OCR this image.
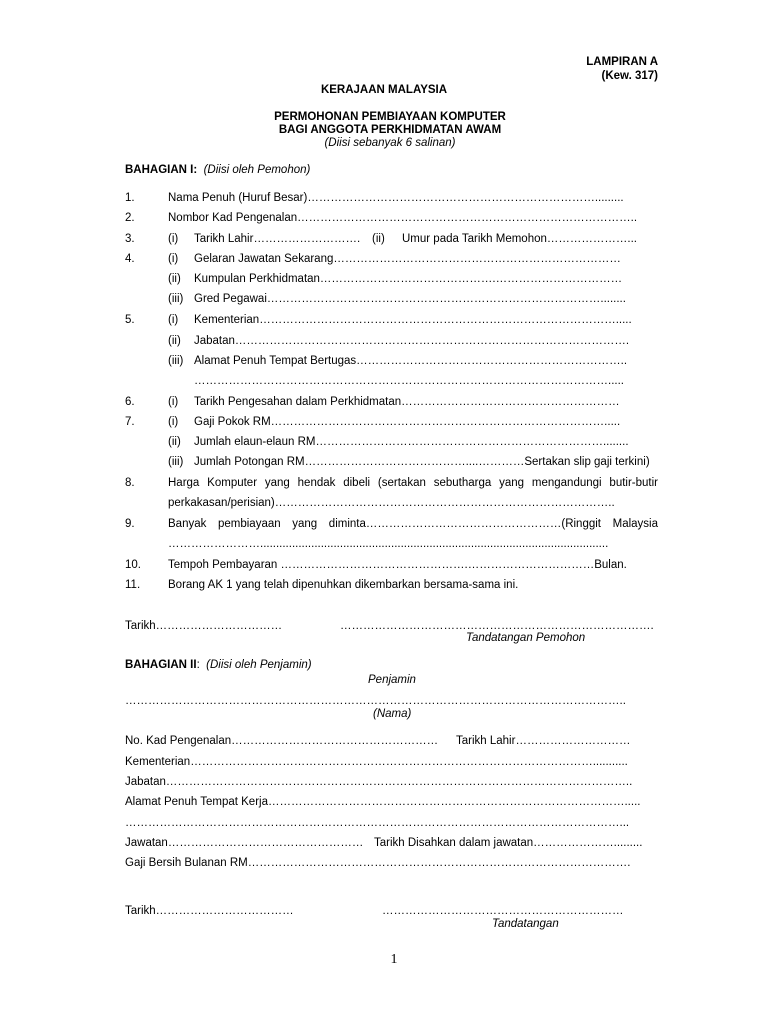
LAMPIRAN A
(Kew. 317)
KERAJAAN MALAYSIA
PERMOHONAN PEMBIAYAAN KOMPUTER
BAGI ANGGOTA PERKHIDMATAN AWAM
(Diisi sebanyak 6 salinan)
BAHAGIAN I: (Diisi oleh Pemohon)
1.	Nama Penuh (Huruf Besar)………………………………………………………………….........
2.	Nombor Kad Pengenalan……………………………………………………………………………..
3.	(i) Tarikh Lahir………………………. (ii) Umur pada Tarikh Memohon…………………...
4.	(i) Gelaran Jawatan Sekarang…………………………………………………………………
(ii) Kumpulan Perkhidmatan……………………………………….……………………………
(iii) Gred Pegawai……………………………………………………………………………........
5.	(i) Kementerian………………………………………………………………………………….....
(ii) Jabatan………………………………………………………………………………………….
(iii) Alamat Penuh Tempat Bertugas……………………………………………………………..
……………………………………………………………………………………………….....
6.	(i) Tarikh Pengesahan dalam Perkhidmatan…………………………………………………
7.	(i) Gaji Pokok RM…………………………………………………………………………….....
(ii) Jumlah elaun-elaun RM…………………………………………………………………........
(iii) Jumlah Potongan RM……………………………………....…………Sertakan slip gaji terkini)
8.	Harga Komputer yang hendak dibeli (sertakan sebutharga yang mengandungi butir-butir
perkakasan/perisian)……………………………………………………………………………..
9.	Banyak pembiayaan yang diminta……………………………………………(Ringgit Malaysia
…………………….............................................................................................................
10. Tempoh Pembayaran ………………………………………….……………………………Bulan.
11. Borang AK 1 yang telah dipenuhkan dikembarkan bersama-sama ini.
Tarikh……………………………	……………………………………………………………………….
Tandatangan Pemohon
BAHAGIAN II: (Diisi oleh Penjamin)
Penjamin
…………………………………………………………………………………………………………………..
(Nama)
No. Kad Pengenalan……………………………………………… Tarikh Lahir…………………………
Kementerian……………………………………………………………………………………………...........
Jabatan…………………………………………………………………………………………………………..
Alamat Penuh Tempat Kerja………………………………………………………………………………….....
…………………………………………………………………………………………………………………...
Jawatan…………………………………………… Tarikh Disahkan dalam jawatan………………….........
Gaji Bersih Bulanan RM……………………………………………………………………………………….
Tarikh………………………………	………………………………………………………
Tandatangan
1
